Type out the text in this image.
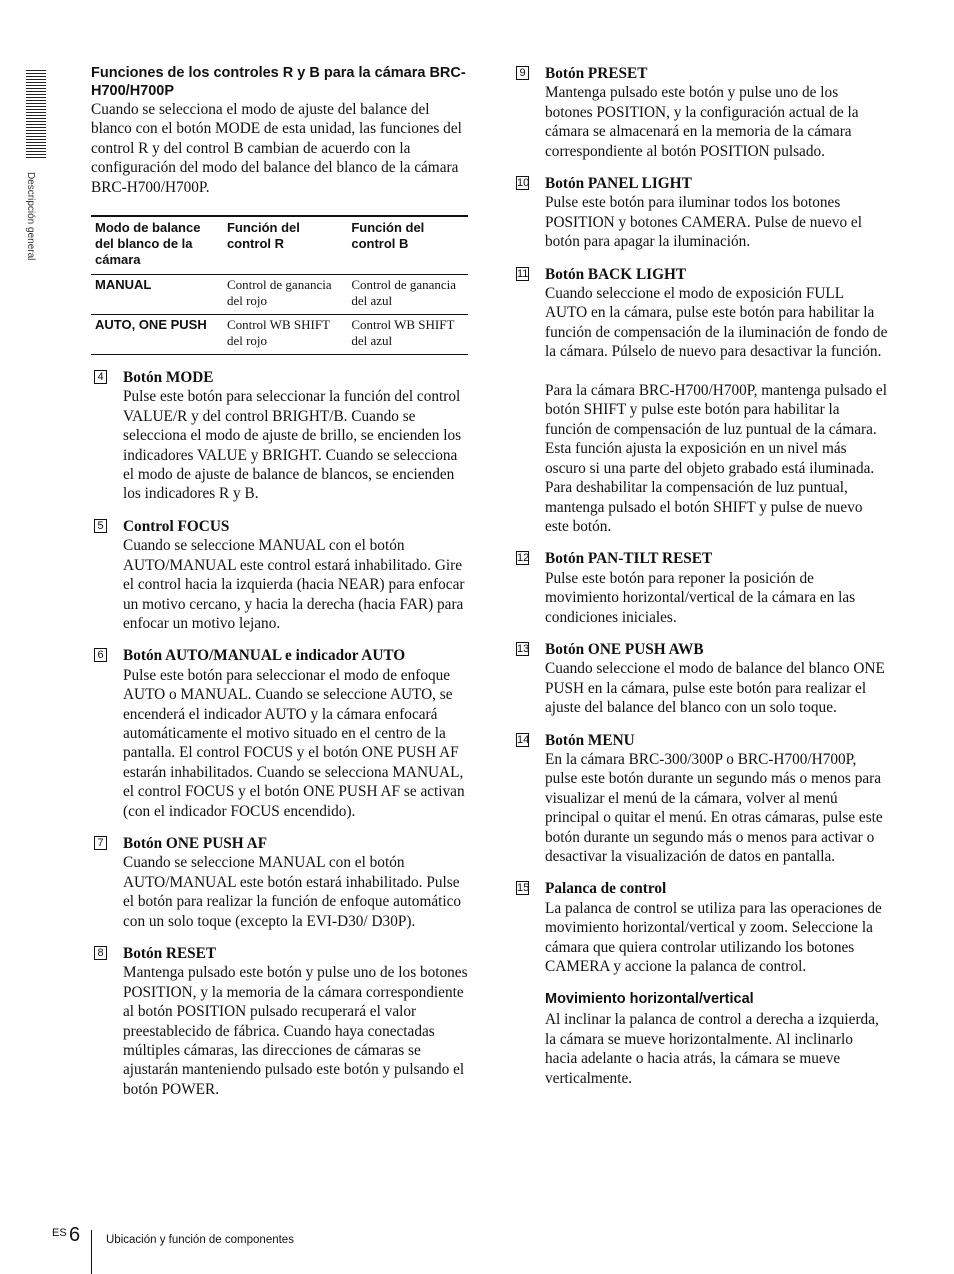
Descripción general
Funciones de los controles R y B para la cámara BRC-H700/H700P

Cuando se selecciona el modo de ajuste del balance del blanco con el botón MODE de esta unidad, las funciones del control R y del control B cambian de acuerdo con la configuración del modo del balance del blanco de la cámara BRC-H700/H700P.

Modo de balance del blanco de la cámara	Función del control R	Función del control B
MANUAL	Control de ganancia del rojo	Control de ganancia del azul
AUTO, ONE PUSH	Control WB SHIFT del rojo	Control WB SHIFT del azul
4 Botón MODE

Pulse este botón para seleccionar la función del control VALUE/R y del control BRIGHT/B. Cuando se selecciona el modo de ajuste de brillo, se encienden los indicadores VALUE y BRIGHT. Cuando se selecciona el modo de ajuste de balance de blancos, se encienden los indicadores R y B.

5 Control FOCUS

Cuando se seleccione MANUAL con el botón AUTO/MANUAL este control estará inhabilitado. Gire el control hacia la izquierda (hacia NEAR) para enfocar un motivo cercano, y hacia la derecha (hacia FAR) para enfocar un motivo lejano.

6 Botón AUTO/MANUAL e indicador AUTO

Pulse este botón para seleccionar el modo de enfoque AUTO o MANUAL. Cuando se seleccione AUTO, se encenderá el indicador AUTO y la cámara enfocará automáticamente el motivo situado en el centro de la pantalla. El control FOCUS y el botón ONE PUSH AF estarán inhabilitados. Cuando se selecciona MANUAL, el control FOCUS y el botón ONE PUSH AF se activan (con el indicador FOCUS encendido).

7 Botón ONE PUSH AF

Cuando se seleccione MANUAL con el botón AUTO/MANUAL este botón estará inhabilitado. Pulse el botón para realizar la función de enfoque automático con un solo toque (excepto la EVI-D30/ D30P).

8 Botón RESET

Mantenga pulsado este botón y pulse uno de los botones POSITION, y la memoria de la cámara correspondiente al botón POSITION pulsado recuperará el valor preestablecido de fábrica. Cuando haya conectadas múltiples cámaras, las direcciones de cámaras se ajustarán manteniendo pulsado este botón y pulsando el botón POWER.

9 Botón PRESET

Mantenga pulsado este botón y pulse uno de los botones POSITION, y la configuración actual de la cámara se almacenará en la memoria de la cámara correspondiente al botón POSITION pulsado.

10 Botón PANEL LIGHT

Pulse este botón para iluminar todos los botones POSITION y botones CAMERA. Pulse de nuevo el botón para apagar la iluminación.

11 Botón BACK LIGHT

Cuando seleccione el modo de exposición FULL AUTO en la cámara, pulse este botón para habilitar la función de compensación de la iluminación de fondo de la cámara. Púlselo de nuevo para desactivar la función.

Para la cámara BRC-H700/H700P, mantenga pulsado el botón SHIFT y pulse este botón para habilitar la función de compensación de luz puntual de la cámara. Esta función ajusta la exposición en un nivel más oscuro si una parte del objeto grabado está iluminada. Para deshabilitar la compensación de luz puntual, mantenga pulsado el botón SHIFT y pulse de nuevo este botón.

12 Botón PAN-TILT RESET

Pulse este botón para reponer la posición de movimiento horizontal/vertical de la cámara en las condiciones iniciales.

13 Botón ONE PUSH AWB

Cuando seleccione el modo de balance del blanco ONE PUSH en la cámara, pulse este botón para realizar el ajuste del balance del blanco con un solo toque.

14 Botón MENU

En la cámara BRC-300/300P o BRC-H700/H700P, pulse este botón durante un segundo más o menos para visualizar el menú de la cámara, volver al menú principal o quitar el menú. En otras cámaras, pulse este botón durante un segundo más o menos para activar o desactivar la visualización de datos en pantalla.

15 Palanca de control

La palanca de control se utiliza para las operaciones de movimiento horizontal/vertical y zoom. Seleccione la cámara que quiera controlar utilizando los botones CAMERA y accione la palanca de control.

Movimiento horizontal/vertical

Al inclinar la palanca de control a derecha a izquierda, la cámara se mueve horizontalmente. Al inclinarlo hacia adelante o hacia atrás, la cámara se mueve verticalmente.

ES 6 Ubicación y función de componentes
